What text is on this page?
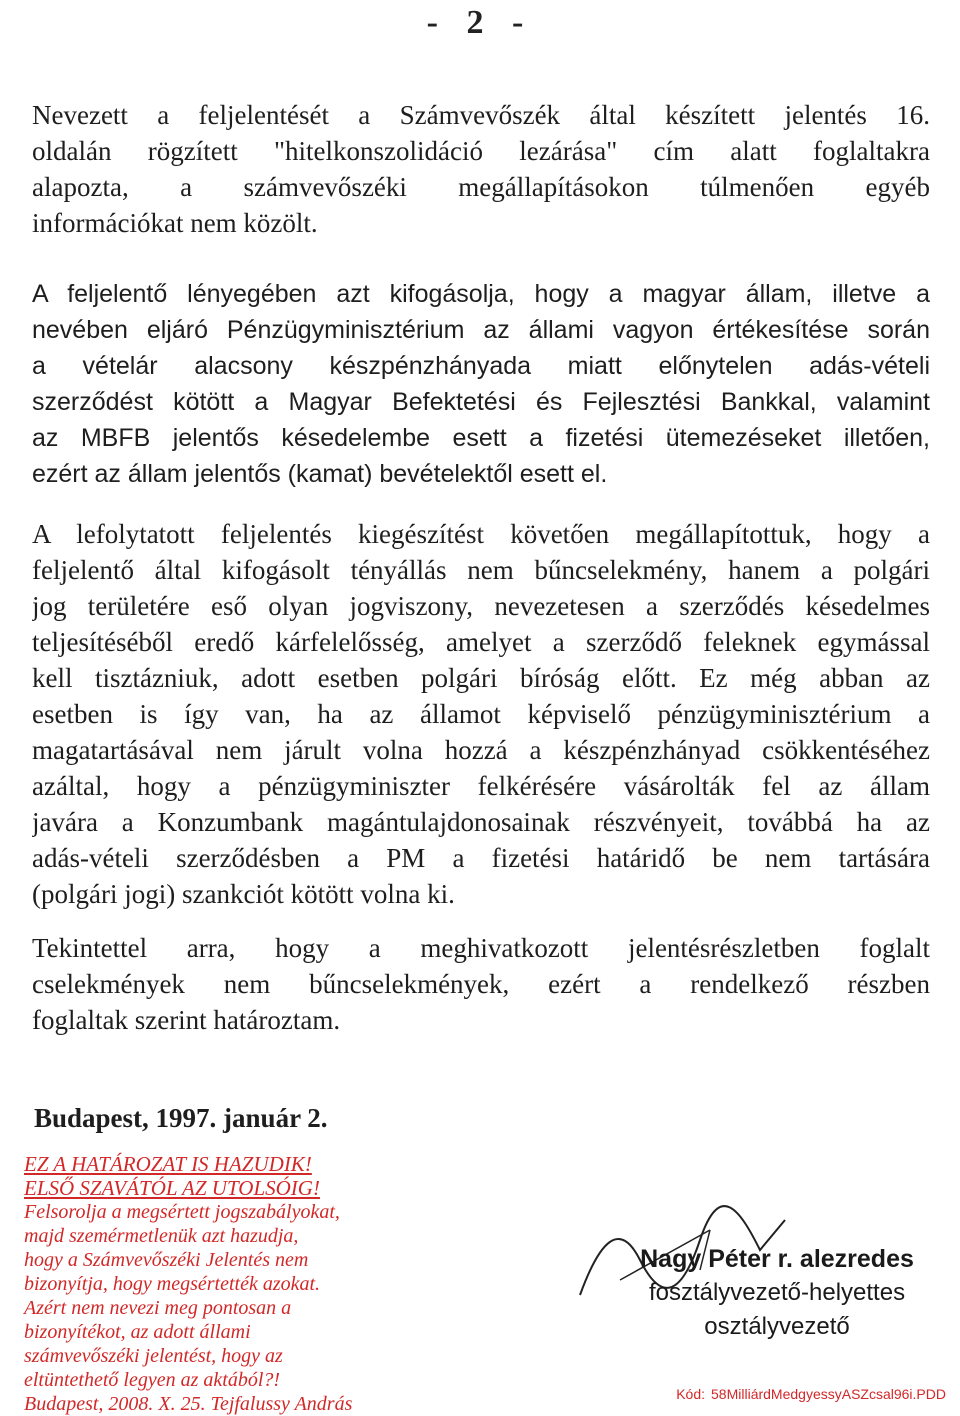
- 2 -
Nevezett a feljelentését a Számvevőszék által készített jelentés 16.
oldalán rögzített "hitelkonszolidáció lezárása" cím alatt foglaltakra
alapozta, a számvevőszéki megállapításokon túlmenően egyéb
információkat nem közölt.
A feljelentő lényegében azt kifogásolja, hogy a magyar állam, illetve a
nevében eljáró Pénzügyminisztérium az állami vagyon értékesítése során
a vételár alacsony készpénzhányada miatt előnytelen adás-vételi
szerződést kötött a Magyar Befektetési és Fejlesztési Bankkal, valamint
az MBFB jelentős késedelembe esett a fizetési ütemezéseket illetően,
ezért az állam jelentős (kamat) bevételektől esett el.
A lefolytatott feljelentés kiegészítést követően megállapítottuk, hogy a
feljelentő által kifogásolt tényállás nem bűncselekmény, hanem a polgári
jog területére eső olyan jogviszony, nevezetesen a szerződés késedelmes
teljesítéséből eredő kárfelelősség, amelyet a szerződő feleknek egymással
kell tisztázniuk, adott esetben polgári bíróság előtt. Ez még abban az
esetben is így van, ha az államot képviselő pénzügyminisztérium a
magatartásával nem járult volna hozzá a készpénzhányad csökkentéséhez
azáltal, hogy a pénzügyminiszter felkérésére vásárolták fel az állam
javára a Konzumbank magántulajdonosainak részvényeit, továbbá ha az
adás-vételi szerződésben a PM a fizetési határidő be nem tartására
(polgári jogi) szankciót kötött volna ki.
Tekintettel arra, hogy a meghivatkozott jelentésrészletben foglalt
cselekmények nem bűncselekmények, ezért a rendelkező részben
foglaltak szerint határoztam.
Budapest, 1997. január 2.
EZ A HATÁROZAT IS HAZUDIK!
ELSŐ SZAVÁTÓL AZ UTOLSÓIG!
Felsorolja a megsértett jogszabályokat,
majd szemérmetlenük azt hazudja,
hogy a Számvevőszéki Jelentés nem
bizonyítja, hogy megsértették azokat.
Azért nem nevezi meg pontosan a
bizonyítékot, az adott állami
számvevőszéki jelentést, hogy az
eltüntethető legyen az aktából?!
Budapest, 2008. X. 25. Tejfalussy András
Nagy Péter r. alezredes
fosztályvezető-helyettes
osztályvezető
Kód: 58MilliárdMedgyessyASZcsal96i.PDD
